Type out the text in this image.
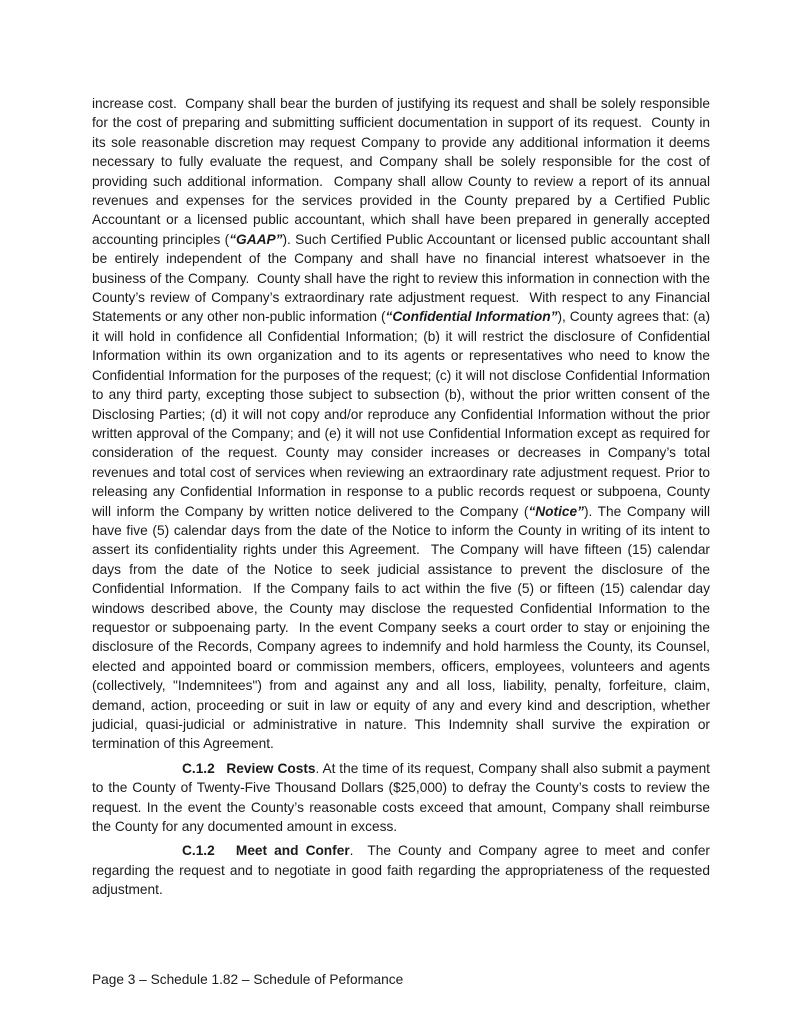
increase cost.  Company shall bear the burden of justifying its request and shall be solely responsible for the cost of preparing and submitting sufficient documentation in support of its request.  County in its sole reasonable discretion may request Company to provide any additional information it deems necessary to fully evaluate the request, and Company shall be solely responsible for the cost of providing such additional information.  Company shall allow County to review a report of its annual revenues and expenses for the services provided in the County prepared by a Certified Public Accountant or a licensed public accountant, which shall have been prepared in generally accepted accounting principles (“GAAP”). Such Certified Public Accountant or licensed public accountant shall be entirely independent of the Company and shall have no financial interest whatsoever in the business of the Company.  County shall have the right to review this information in connection with the County’s review of Company’s extraordinary rate adjustment request.  With respect to any Financial Statements or any other non-public information (“Confidential Information”), County agrees that: (a) it will hold in confidence all Confidential Information; (b) it will restrict the disclosure of Confidential Information within its own organization and to its agents or representatives who need to know the Confidential Information for the purposes of the request; (c) it will not disclose Confidential Information to any third party, excepting those subject to subsection (b), without the prior written consent of the Disclosing Parties; (d) it will not copy and/or reproduce any Confidential Information without the prior written approval of the Company; and (e) it will not use Confidential Information except as required for consideration of the request. County may consider increases or decreases in Company’s total revenues and total cost of services when reviewing an extraordinary rate adjustment request. Prior to releasing any Confidential Information in response to a public records request or subpoena, County will inform the Company by written notice delivered to the Company (“Notice”). The Company will have five (5) calendar days from the date of the Notice to inform the County in writing of its intent to assert its confidentiality rights under this Agreement.  The Company will have fifteen (15) calendar days from the date of the Notice to seek judicial assistance to prevent the disclosure of the Confidential Information.  If the Company fails to act within the five (5) or fifteen (15) calendar day windows described above, the County may disclose the requested Confidential Information to the requestor or subpoenaing party.  In the event Company seeks a court order to stay or enjoining the disclosure of the Records, Company agrees to indemnify and hold harmless the County, its Counsel, elected and appointed board or commission members, officers, employees, volunteers and agents (collectively, "Indemnitees") from and against any and all loss, liability, penalty, forfeiture, claim, demand, action, proceeding or suit in law or equity of any and every kind and description, whether judicial, quasi-judicial or administrative in nature. This Indemnity shall survive the expiration or termination of this Agreement.

C.1.2   Review Costs. At the time of its request, Company shall also submit a payment to the County of Twenty-Five Thousand Dollars ($25,000) to defray the County’s costs to review the request. In the event the County’s reasonable costs exceed that amount, Company shall reimburse the County for any documented amount in excess.

C.1.2   Meet and Confer.  The County and Company agree to meet and confer regarding the request and to negotiate in good faith regarding the appropriateness of the requested adjustment.

Page 3 – Schedule 1.82 – Schedule of Peformance
